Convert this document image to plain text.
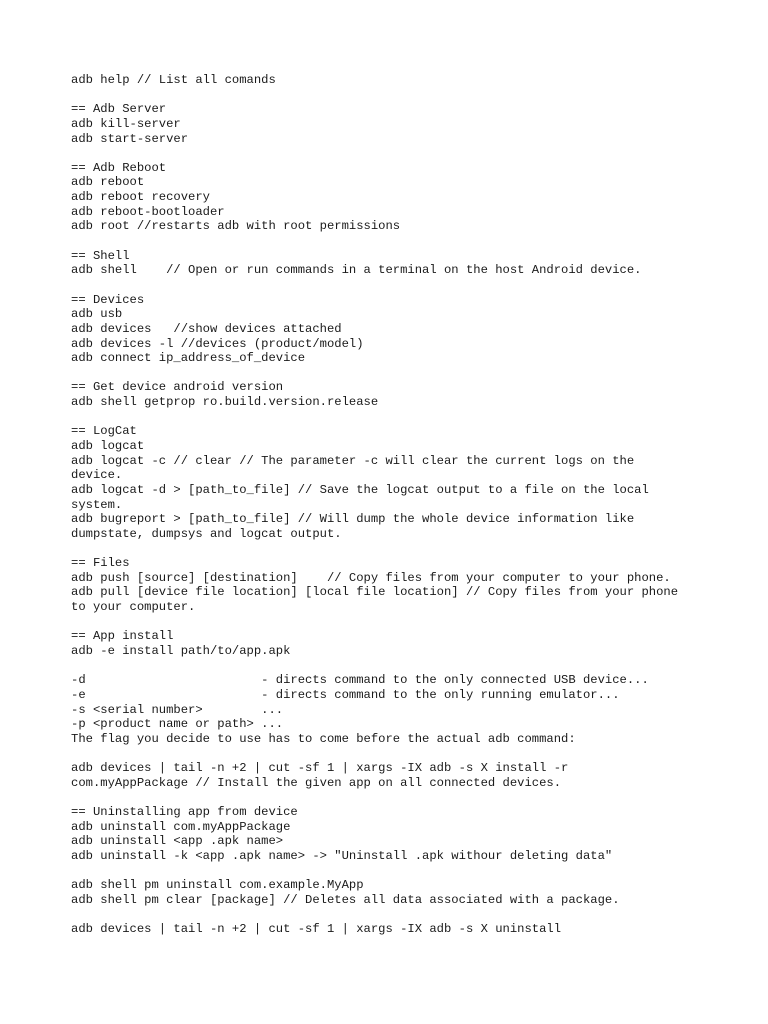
adb help // List all comands
== Adb Server
adb kill-server
adb start-server
== Adb Reboot
adb reboot
adb reboot recovery
adb reboot-bootloader
adb root //restarts adb with root permissions
== Shell
adb shell    // Open or run commands in a terminal on the host Android device.
== Devices
adb usb
adb devices   //show devices attached
adb devices -l //devices (product/model)
adb connect ip_address_of_device
== Get device android version
adb shell getprop ro.build.version.release
== LogCat
adb logcat
adb logcat -c // clear // The parameter -c will clear the current logs on the
device.
adb logcat -d > [path_to_file] // Save the logcat output to a file on the local
system.
adb bugreport > [path_to_file] // Will dump the whole device information like
dumpstate, dumpsys and logcat output.
== Files
adb push [source] [destination]    // Copy files from your computer to your phone.
adb pull [device file location] [local file location] // Copy files from your phone
to your computer.
== App install
adb -e install path/to/app.apk
-d                        - directs command to the only connected USB device...
-e                        - directs command to the only running emulator...
-s <serial number>        ...
-p <product name or path> ...
The flag you decide to use has to come before the actual adb command:
adb devices | tail -n +2 | cut -sf 1 | xargs -IX adb -s X install -r
com.myAppPackage // Install the given app on all connected devices.
== Uninstalling app from device
adb uninstall com.myAppPackage
adb uninstall <app .apk name>
adb uninstall -k <app .apk name> -> "Uninstall .apk withour deleting data"
adb shell pm uninstall com.example.MyApp
adb shell pm clear [package] // Deletes all data associated with a package.
adb devices | tail -n +2 | cut -sf 1 | xargs -IX adb -s X uninstall
